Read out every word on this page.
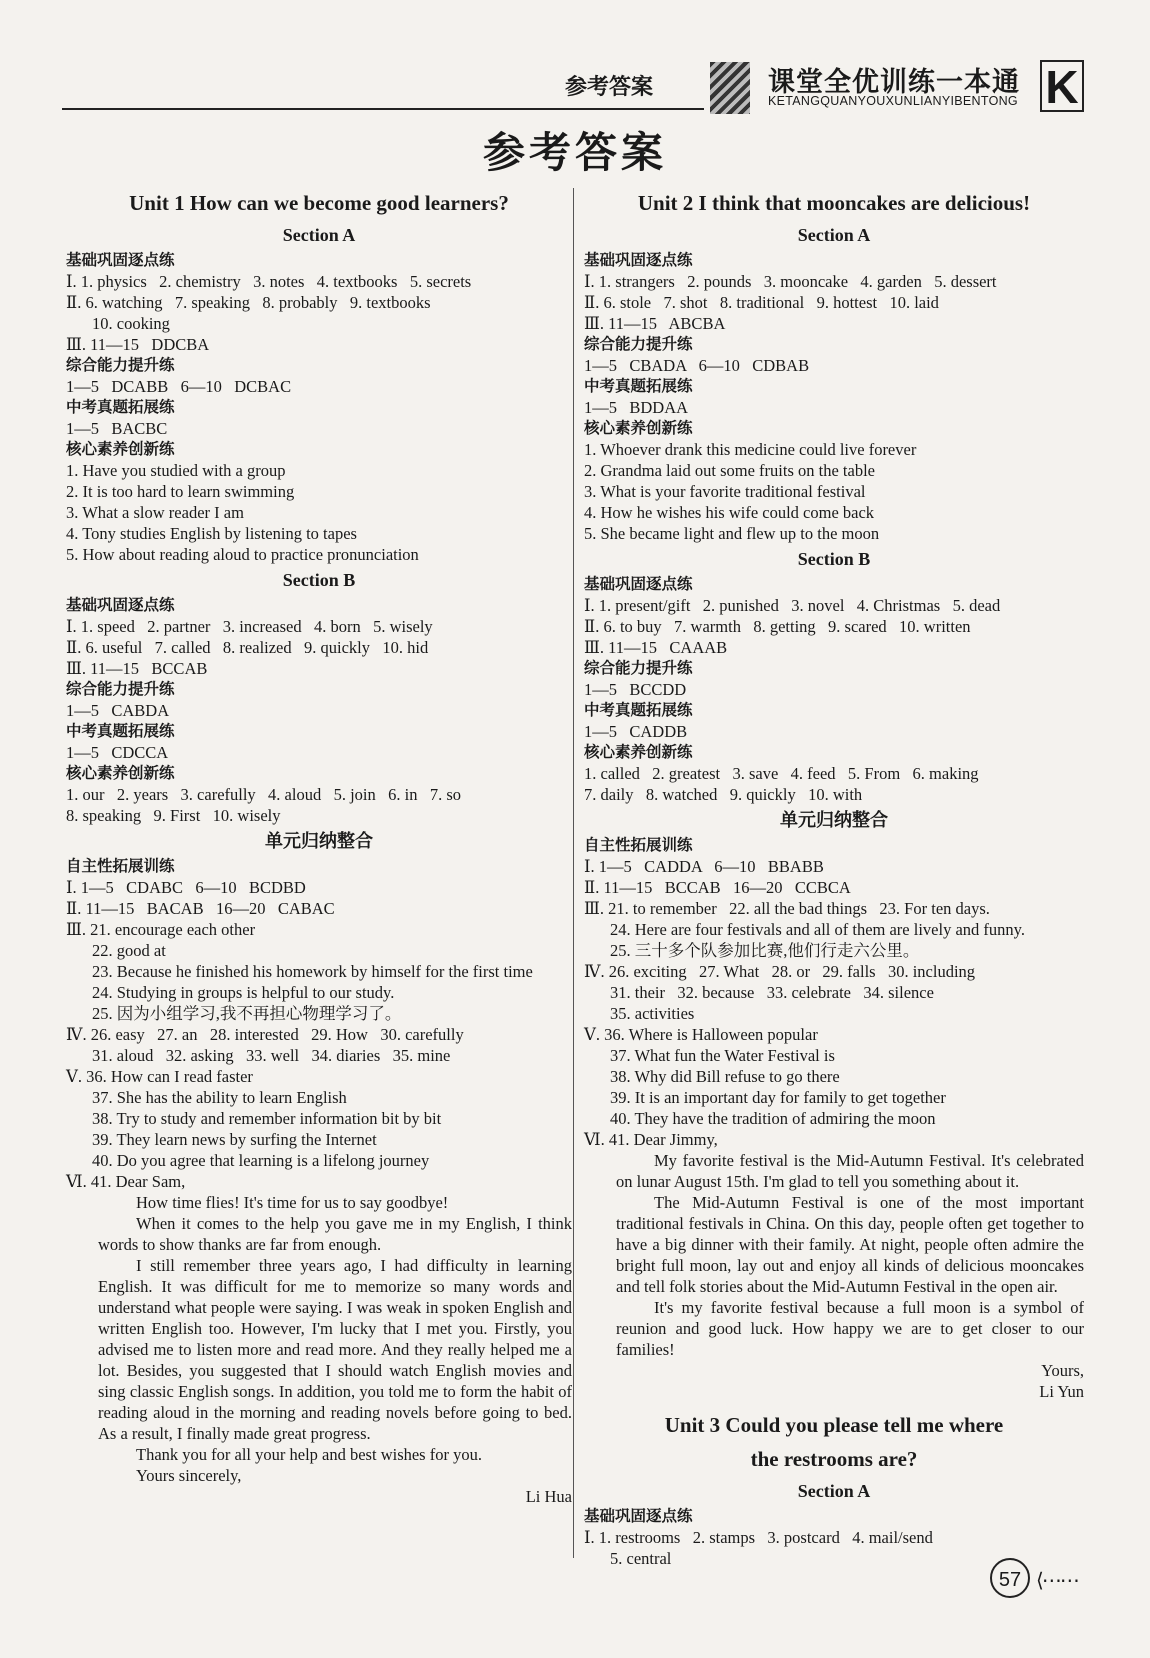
参考答案	课堂全优训练一本通
KETANGQUANYOUXUNLIANYIBENTONG K
参考答案
Unit 1 How can we become good learners?
Section A
基础巩固逐点练
Ⅰ. 1. physics   2. chemistry   3. notes   4. textbooks   5. secrets
Ⅱ. 6. watching   7. speaking   8. probably   9. textbooks
10. cooking
Ⅲ. 11—15   DDCBA
综合能力提升练
1—5   DCABB   6—10   DCBAC
中考真题拓展练
1—5   BACBC
核心素养创新练
1. Have you studied with a group
2. It is too hard to learn swimming
3. What a slow reader I am
4. Tony studies English by listening to tapes
5. How about reading aloud to practice pronunciation
Section B
基础巩固逐点练
Ⅰ. 1. speed   2. partner   3. increased   4. born   5. wisely
Ⅱ. 6. useful   7. called   8. realized   9. quickly   10. hid
Ⅲ. 11—15   BCCAB
综合能力提升练
1—5   CABDA
中考真题拓展练
1—5   CDCCA
核心素养创新练
1. our   2. years   3. carefully   4. aloud   5. join   6. in   7. so
8. speaking   9. First   10. wisely
单元归纳整合
自主性拓展训练
Ⅰ. 1—5   CDABC   6—10   BCDBD
Ⅱ. 11—15   BACAB   16—20   CABAC
Ⅲ. 21. encourage each other
22. good at
23. Because he finished his homework by himself for the first time
24. Studying in groups is helpful to our study.
25. 因为小组学习,我不再担心物理学习了。
Ⅳ. 26. easy   27. an   28. interested   29. How   30. carefully
31. aloud   32. asking   33. well   34. diaries   35. mine
Ⅴ. 36. How can I read faster
37. She has the ability to learn English
38. Try to study and remember information bit by bit
39. They learn news by surfing the Internet
40. Do you agree that learning is a lifelong journey
Ⅵ. 41. Dear Sam,

How time flies! It's time for us to say goodbye!

When it comes to the help you gave me in my English, I think words to show thanks are far from enough.

I still remember three years ago, I had difficulty in learning English. It was difficult for me to memorize so many words and understand what people were saying. I was weak in spoken English and written English too. However, I'm lucky that I met you. Firstly, you advised me to listen more and read more. And they really helped me a lot. Besides, you suggested that I should watch English movies and sing classic English songs. In addition, you told me to form the habit of reading aloud in the morning and reading novels before going to bed. As a result, I finally made great progress.

Thank you for all your help and best wishes for you.

Yours sincerely,

Li Hua
Unit 2 I think that mooncakes are delicious!
Section A
基础巩固逐点练
Ⅰ. 1. strangers   2. pounds   3. mooncake   4. garden   5. dessert
Ⅱ. 6. stole   7. shot   8. traditional   9. hottest   10. laid
Ⅲ. 11—15   ABCBA
综合能力提升练
1—5   CBADA   6—10   CDBAB
中考真题拓展练
1—5   BDDAA
核心素养创新练
1. Whoever drank this medicine could live forever
2. Grandma laid out some fruits on the table
3. What is your favorite traditional festival
4. How he wishes his wife could come back
5. She became light and flew up to the moon
Section B
基础巩固逐点练
Ⅰ. 1. present/gift   2. punished   3. novel   4. Christmas   5. dead
Ⅱ. 6. to buy   7. warmth   8. getting   9. scared   10. written
Ⅲ. 11—15   CAAAB
综合能力提升练
1—5   BCCDD
中考真题拓展练
1—5   CADDB
核心素养创新练
1. called   2. greatest   3. save   4. feed   5. From   6. making
7. daily   8. watched   9. quickly   10. with
单元归纳整合
自主性拓展训练
Ⅰ. 1—5   CADDA   6—10   BBABB
Ⅱ. 11—15   BCCAB   16—20   CCBCA
Ⅲ. 21. to remember   22. all the bad things   23. For ten days.
24. Here are four festivals and all of them are lively and funny.
25. 三十多个队参加比赛,他们行走六公里。
Ⅳ. 26. exciting   27. What   28. or   29. falls   30. including
31. their   32. because   33. celebrate   34. silence
35. activities
Ⅴ. 36. Where is Halloween popular
37. What fun the Water Festival is
38. Why did Bill refuse to go there
39. It is an important day for family to get together
40. They have the tradition of admiring the moon
Ⅵ. 41. Dear Jimmy,

My favorite festival is the Mid-Autumn Festival. It's celebrated on lunar August 15th. I'm glad to tell you something about it.

The Mid-Autumn Festival is one of the most important traditional festivals in China. On this day, people often get together to have a big dinner with their family. At night, people often admire the bright full moon, lay out and enjoy all kinds of delicious mooncakes and tell folk stories about the Mid-Autumn Festival in the open air.

It's my favorite festival because a full moon is a symbol of reunion and good luck. How happy we are to get closer to our families!

Yours,
Li Yun
Unit 3 Could you please tell me where
the restrooms are?
Section A
基础巩固逐点练
Ⅰ. 1. restrooms   2. stamps   3. postcard   4. mail/send
5. central
57 ⟨⋯⋯
